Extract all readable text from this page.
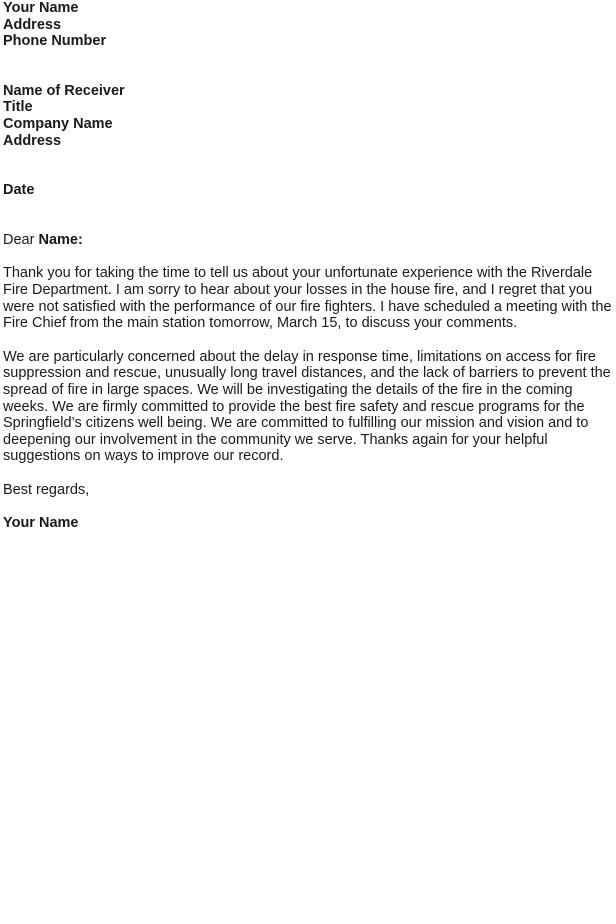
Your Name
Address
Phone Number
Name of Receiver
Title
Company Name
Address
Date
Dear Name:
Thank you for taking the time to tell us about your unfortunate experience with the Riverdale
Fire Department. I am sorry to hear about your losses in the house fire, and I regret that you
were not satisfied with the performance of our fire fighters. I have scheduled a meeting with the
Fire Chief from the main station tomorrow, March 15, to discuss your comments.
We are particularly concerned about the delay in response time, limitations on access for fire
suppression and rescue, unusually long travel distances, and the lack of barriers to prevent the
spread of fire in large spaces. We will be investigating the details of the fire in the coming
weeks. We are firmly committed to provide the best fire safety and rescue programs for the
Springfield’s citizens well being. We are committed to fulfilling our mission and vision and to
deepening our involvement in the community we serve. Thanks again for your helpful
suggestions on ways to improve our record.
Best regards,
Your Name
